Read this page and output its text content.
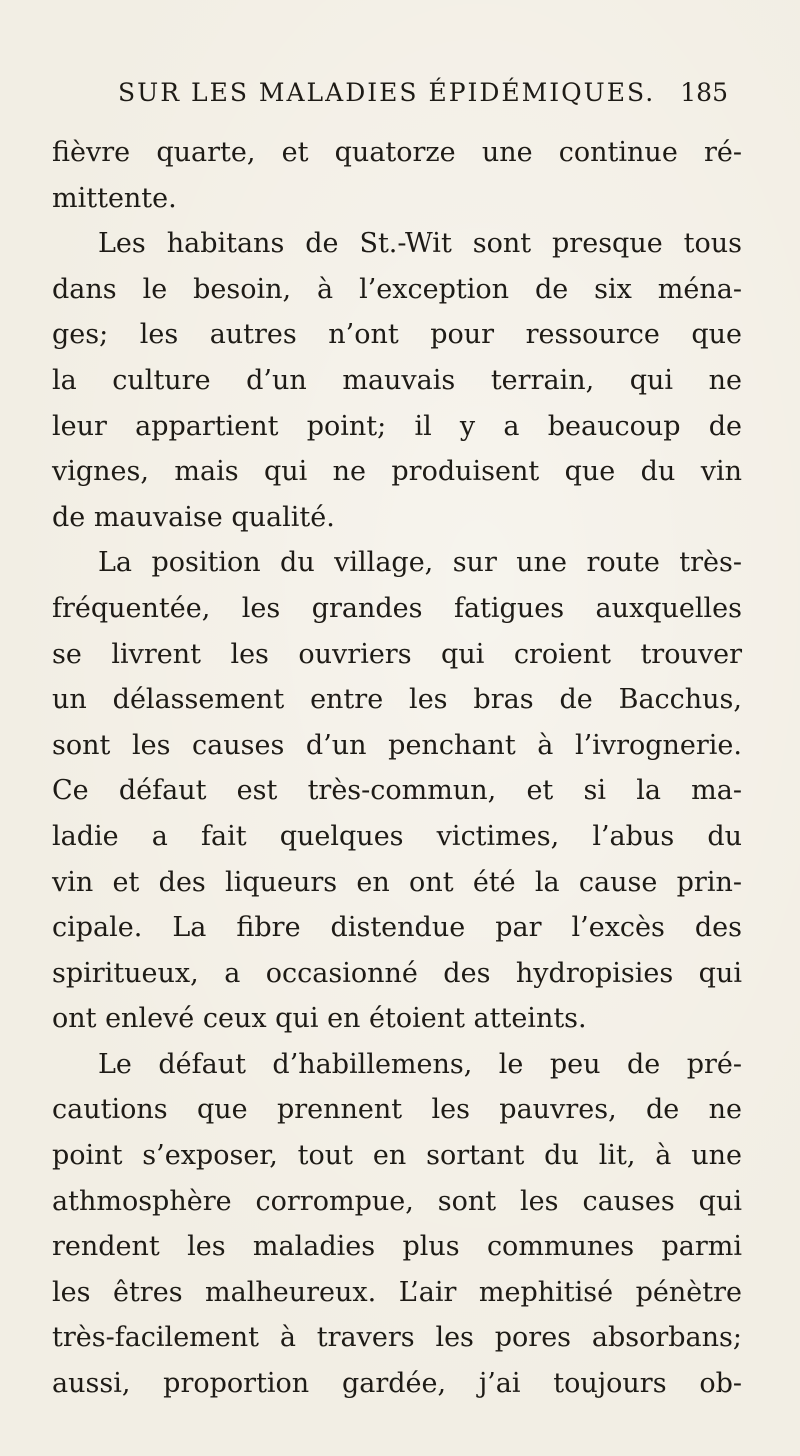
SUR LES MALADIES ÉPIDÉMIQUES. 185
fièvre quarte, et quatorze une continue ré-
mittente.
Les habitans de St.-Wit sont presque tous
dans le besoin, à l’exception de six ména-
ges; les autres n’ont pour ressource que
la culture d’un mauvais terrain, qui ne
leur appartient point; il y a beaucoup de
vignes, mais qui ne produisent que du vin
de mauvaise qualité.
La position du village, sur une route très-
fréquentée, les grandes fatigues auxquelles
se livrent les ouvriers qui croient trouver
un délassement entre les bras de Bacchus,
sont les causes d’un penchant à l’ivrognerie.
Ce défaut est très-commun, et si la ma-
ladie a fait quelques victimes, l’abus du
vin et des liqueurs en ont été la cause prin-
cipale. La fibre distendue par l’excès des
spiritueux, a occasionné des hydropisies qui
ont enlevé ceux qui en étoient atteints.
Le défaut d’habillemens, le peu de pré-
cautions que prennent les pauvres, de ne
point s’exposer, tout en sortant du lit, à une
athmosphère corrompue, sont les causes qui
rendent les maladies plus communes parmi
les êtres malheureux. L’air mephitisé pénètre
très-facilement à travers les pores absorbans;
aussi, proportion gardée, j’ai toujours ob-
